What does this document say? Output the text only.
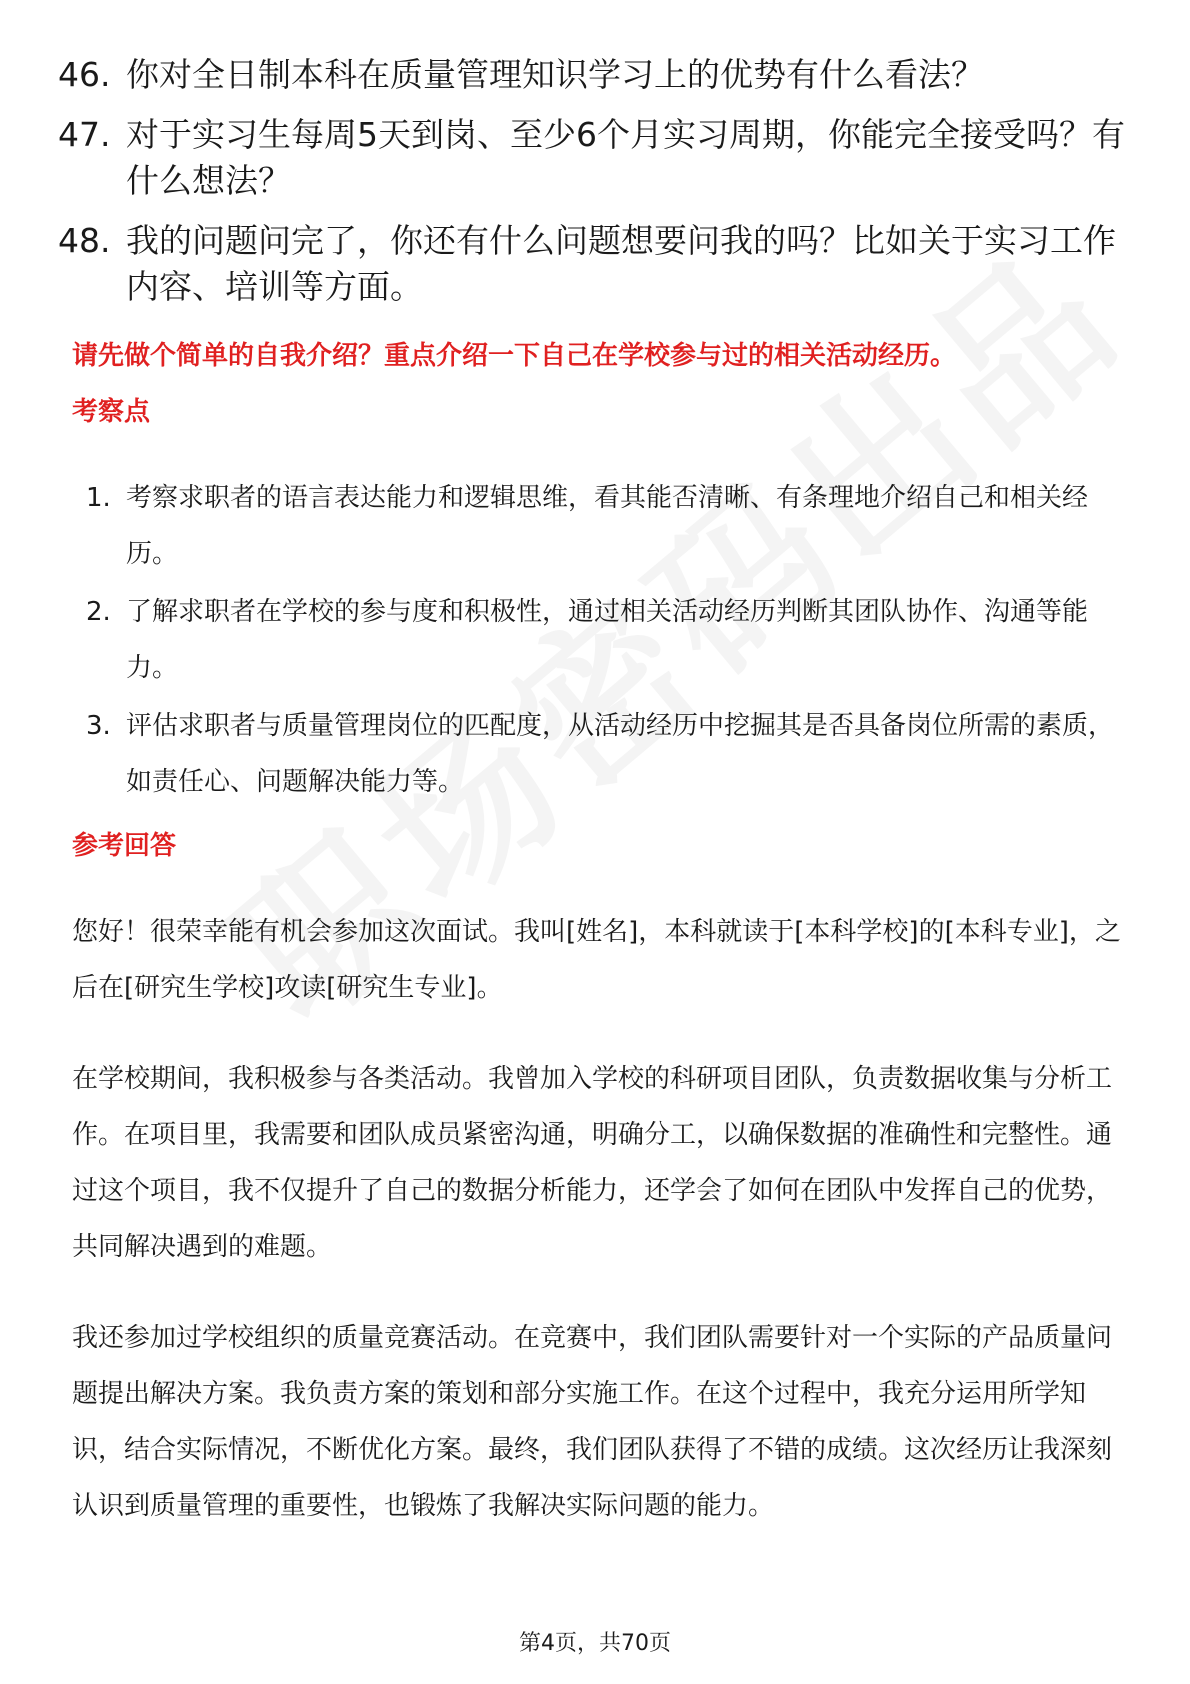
46. 你对全日制本科在质量管理知识学习上的优势有什么看法？
47. 对于实习生每周5天到岗、至少6个月实习周期，你能完全接受吗？有什么想法？
48. 我的问题问完了，你还有什么问题想要问我的吗？比如关于实习工作内容、培训等方面。
请先做个简单的自我介绍？重点介绍一下自己在学校参与过的相关活动经历。
考察点
1. 考察求职者的语言表达能力和逻辑思维，看其能否清晰、有条理地介绍自己和相关经历。
2. 了解求职者在学校的参与度和积极性，通过相关活动经历判断其团队协作、沟通等能力。
3. 评估求职者与质量管理岗位的匹配度，从活动经历中挖掘其是否具备岗位所需的素质，如责任心、问题解决能力等。
参考回答

您好！很荣幸能有机会参加这次面试。我叫[姓名]，本科就读于[本科学校]的[本科专业]，之后在[研究生学校]攻读[研究生专业]。

在学校期间，我积极参与各类活动。我曾加入学校的科研项目团队，负责数据收集与分析工作。在项目里，我需要和团队成员紧密沟通，明确分工，以确保数据的准确性和完整性。通过这个项目，我不仅提升了自己的数据分析能力，还学会了如何在团队中发挥自己的优势，共同解决遇到的难题。

我还参加过学校组织的质量竞赛活动。在竞赛中，我们团队需要针对一个实际的产品质量问题提出解决方案。我负责方案的策划和部分实施工作。在这个过程中，我充分运用所学知识，结合实际情况，不断优化方案。最终，我们团队获得了不错的成绩。这次经历让我深刻认识到质量管理的重要性，也锻炼了我解决实际问题的能力。

第4页，共70页
